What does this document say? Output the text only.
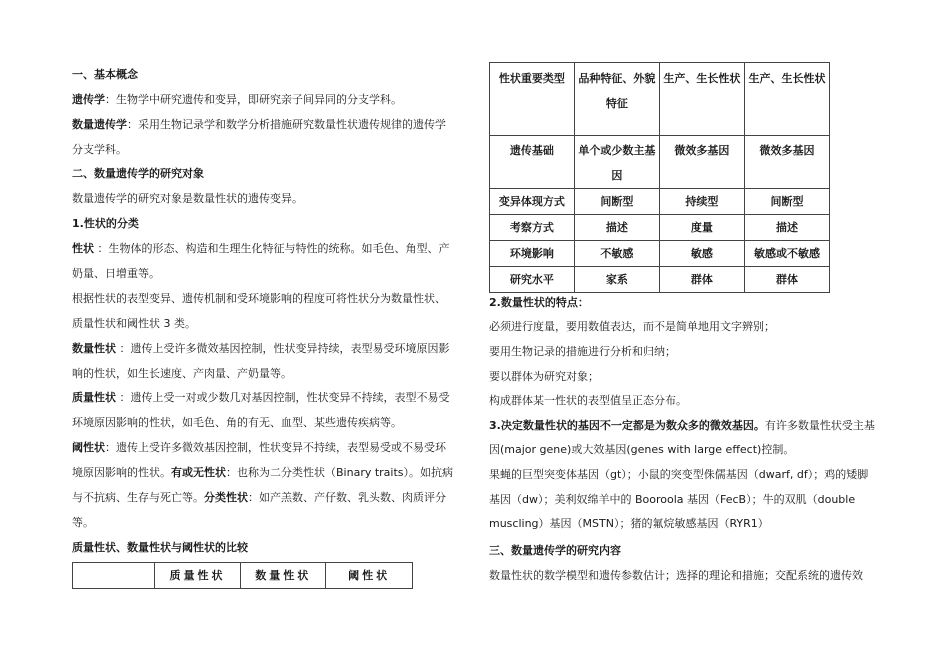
一、基本概念
遗传学：生物学中研究遗传和变异，即研究亲子间异同的分支学科。
数量遗传学：采用生物记录学和数学分析措施研究数量性状遗传规律的遗传学
分支学科。
二、数量遗传学的研究对象
数量遗传学的研究对象是数量性状的遗传变异。
1.性状的分类
性状 ：生物体的形态、构造和生理生化特征与特性的统称。如毛色、角型、产
奶量、日增重等。
根据性状的表型变异、遗传机制和受环境影响的程度可将性状分为数量性状、
质量性状和阈性状 3 类。
数量性状 ：遗传上受许多微效基因控制，性状变异持续，表型易受环境原因影
响的性状，如生长速度、产肉量、产奶量等。
质量性状 ：遗传上受一对或少数几对基因控制，性状变异不持续，表型不易受
环境原因影响的性状，如毛色、角的有无、血型、某些遗传疾病等。
阈性状：遗传上受许多微效基因控制，性状变异不持续，表型易受或不易受环
境原因影响的性状。有或无性状：也称为二分类性状（Binary traits）。如抗病
与不抗病、生存与死亡等。分类性状：如产羔数、产仔数、乳头数、肉质评分
等。
质量性状、数量性状与阈性状的比较
	质量性状	数量性状	阈性状
性状重要类型	品种特征、外貌特征	生产、生长性状	生产、生长性状
遗传基础	单个或少数主基因	微效多基因	微效多基因
变异体现方式	间断型	持续型	间断型
考察方式	描述	度量	描述
环境影响	不敏感	敏感	敏感或不敏感
研究水平	家系	群体	群体
2.数量性状的特点：
必须进行度量，要用数值表达，而不是简单地用文字辨别；
要用生物记录的措施进行分析和归纳；
要以群体为研究对象；
构成群体某一性状的表型值呈正态分布。
3.决定数量性状的基因不一定都是为数众多的微效基因。有许多数量性状受主基
因(major gene)或大效基因(genes with large effect)控制。
果蝇的巨型突变体基因（gt）；小鼠的突变型侏儒基因（dwarf, df）；鸡的矮脚
基因（dw）；美利奴绵羊中的 Booroola 基因（FecB）；牛的双肌（double
muscling）基因（MSTN）；猪的氟烷敏感基因（RYR1）
三、数量遗传学的研究内容
数量性状的数学模型和遗传参数估计；选择的理论和措施；交配系统的遗传效
